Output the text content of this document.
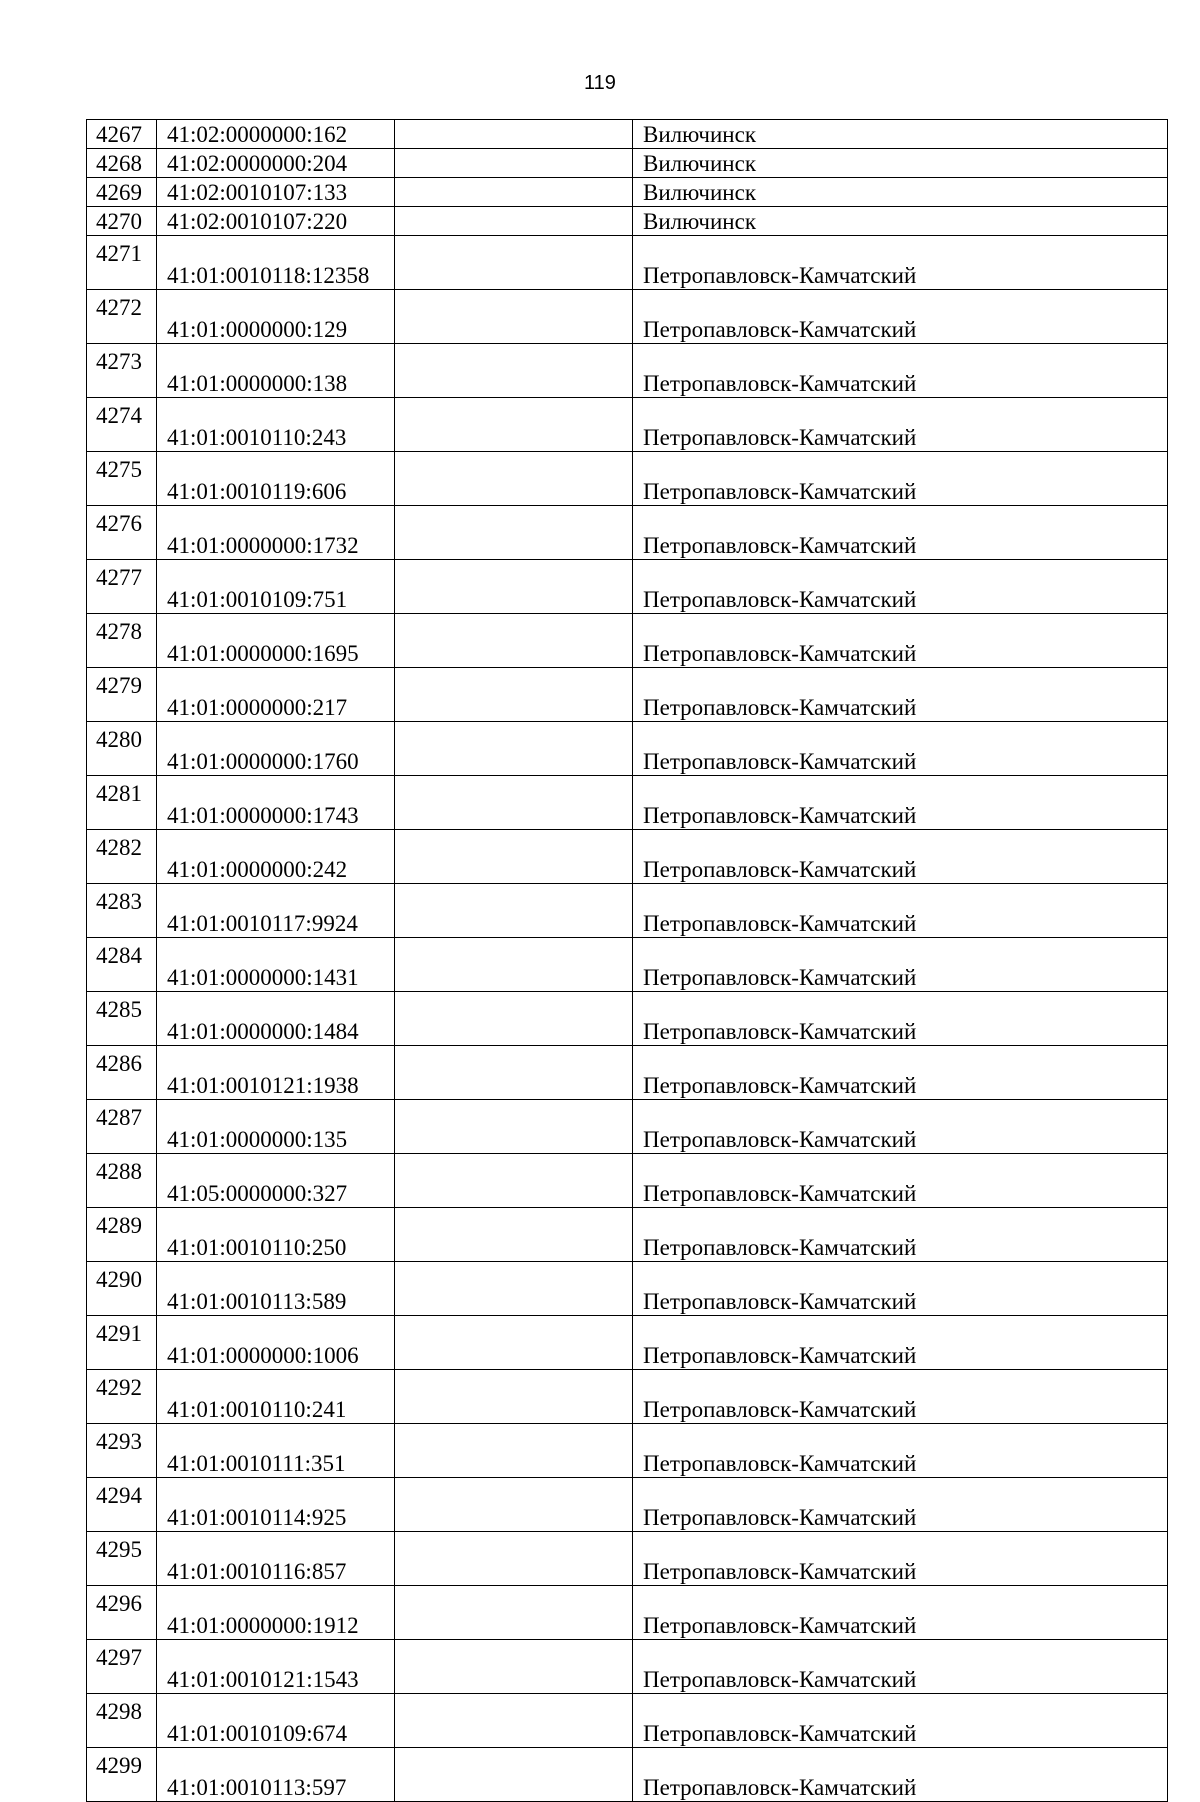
119
4267	41:02:0000000:162		Вилючинск
4268	41:02:0000000:204		Вилючинск
4269	41:02:0010107:133		Вилючинск
4270	41:02:0010107:220		Вилючинск
4271	41:01:0010118:12358		Петропавловск-Камчатский
4272	41:01:0000000:129		Петропавловск-Камчатский
4273	41:01:0000000:138		Петропавловск-Камчатский
4274	41:01:0010110:243		Петропавловск-Камчатский
4275	41:01:0010119:606		Петропавловск-Камчатский
4276	41:01:0000000:1732		Петропавловск-Камчатский
4277	41:01:0010109:751		Петропавловск-Камчатский
4278	41:01:0000000:1695		Петропавловск-Камчатский
4279	41:01:0000000:217		Петропавловск-Камчатский
4280	41:01:0000000:1760		Петропавловск-Камчатский
4281	41:01:0000000:1743		Петропавловск-Камчатский
4282	41:01:0000000:242		Петропавловск-Камчатский
4283	41:01:0010117:9924		Петропавловск-Камчатский
4284	41:01:0000000:1431		Петропавловск-Камчатский
4285	41:01:0000000:1484		Петропавловск-Камчатский
4286	41:01:0010121:1938		Петропавловск-Камчатский
4287	41:01:0000000:135		Петропавловск-Камчатский
4288	41:05:0000000:327		Петропавловск-Камчатский
4289	41:01:0010110:250		Петропавловск-Камчатский
4290	41:01:0010113:589		Петропавловск-Камчатский
4291	41:01:0000000:1006		Петропавловск-Камчатский
4292	41:01:0010110:241		Петропавловск-Камчатский
4293	41:01:0010111:351		Петропавловск-Камчатский
4294	41:01:0010114:925		Петропавловск-Камчатский
4295	41:01:0010116:857		Петропавловск-Камчатский
4296	41:01:0000000:1912		Петропавловск-Камчатский
4297	41:01:0010121:1543		Петропавловск-Камчатский
4298	41:01:0010109:674		Петропавловск-Камчатский
4299	41:01:0010113:597		Петропавловск-Камчатский
